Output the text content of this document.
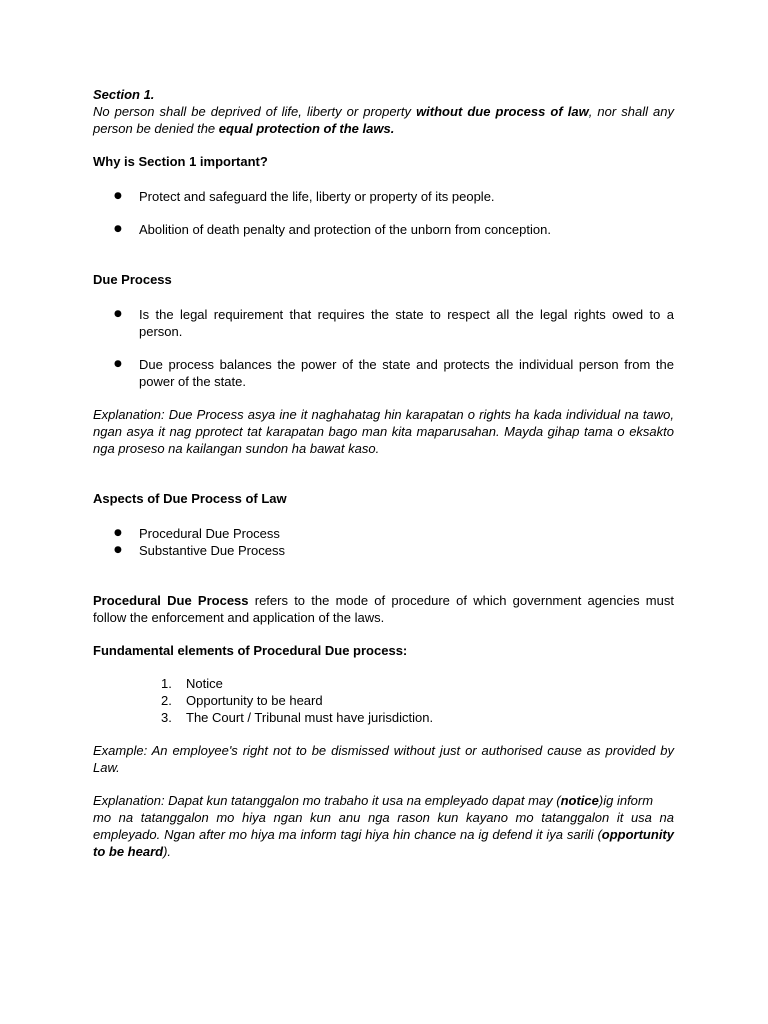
Section 1.

No person shall be deprived of life, liberty or property without due process of law, nor shall any person be denied the equal protection of the laws.

Why is Section 1 important?

● Protect and safeguard the life, liberty or property of its people.
● Abolition of death penalty and protection of the unborn from conception.

Due Process

● Is the legal requirement that requires the state to respect all the legal rights owed to a person.
● Due process balances the power of the state and protects the individual person from the power of the state.

Explanation: Due Process asya ine it naghahatag hin karapatan o rights ha kada individual na tawo, ngan asya it nag pprotect tat karapatan bago man kita maparusahan. Mayda gihap tama o eksakto nga proseso na kailangan sundon ha bawat kaso.

Aspects of Due Process of Law

● Procedural Due Process
● Substantive Due Process

Procedural Due Process refers to the mode of procedure of which government agencies must follow the enforcement and application of the laws.

Fundamental elements of Procedural Due process:

1. Notice
2. Opportunity to be heard
3. The Court / Tribunal must have jurisdiction.

Example: An employee's right not to be dismissed without just or authorised cause as provided by Law.

Explanation: Dapat kun tatanggalon mo trabaho it usa na empleyado dapat may (notice)ig inform

mo na tatanggalon mo hiya ngan kun anu nga rason kun kayano mo tatanggalon it usa na empleyado. Ngan after mo hiya ma inform tagi hiya hin chance na ig defend it iya sarili (opportunity to be heard).
